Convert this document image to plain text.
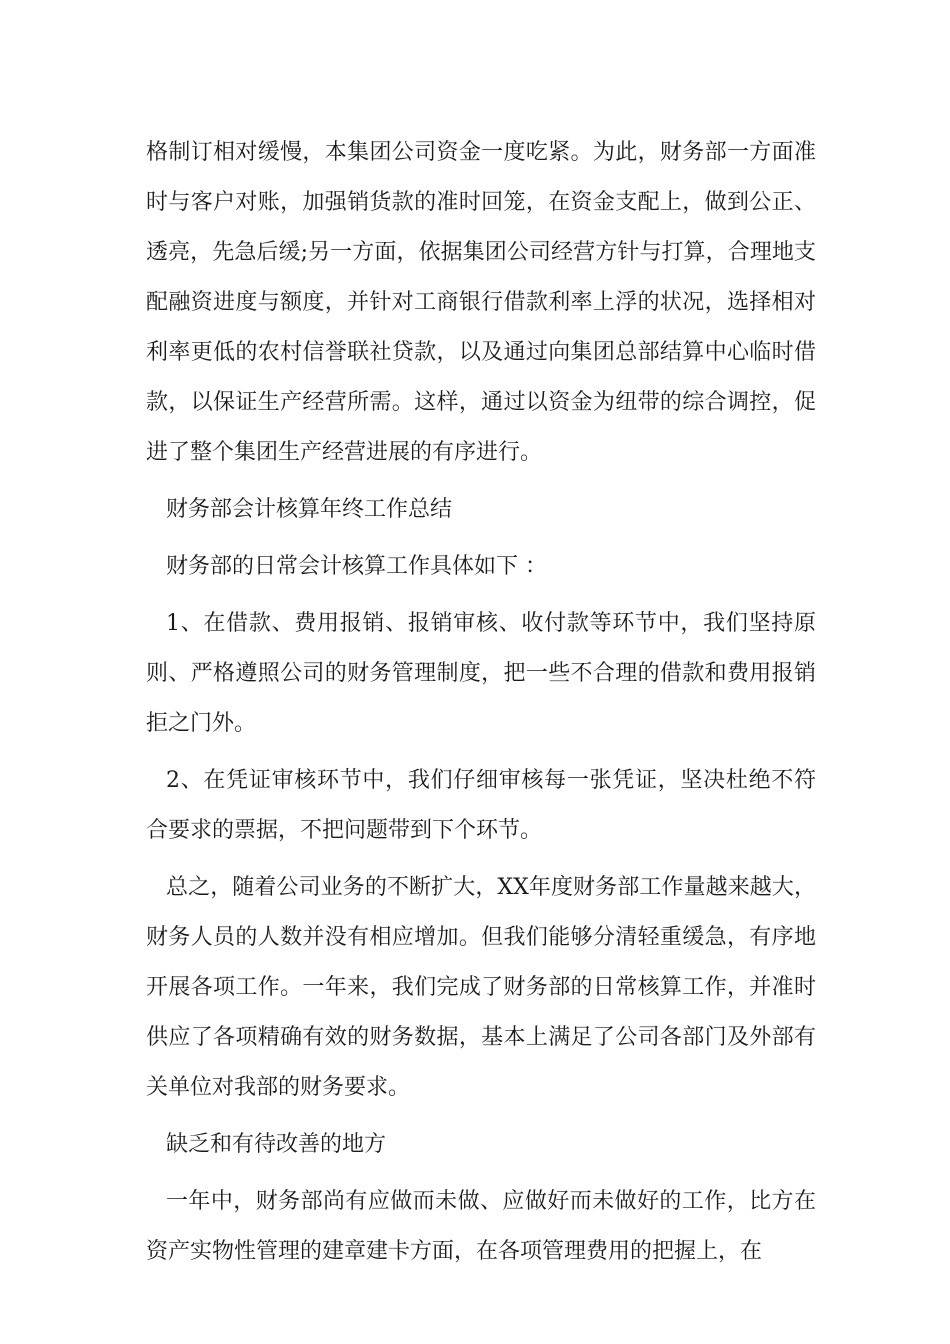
格制订相对缓慢，本集团公司资金一度吃紧。为此，财务部一方面准时与客户对账，加强销货款的准时回笼，在资金支配上，做到公正、透亮，先急后缓;另一方面，依据集团公司经营方针与打算，合理地支配融资进度与额度，并针对工商银行借款利率上浮的状况，选择相对利率更低的农村信誉联社贷款，以及通过向集团总部结算中心临时借款，以保证生产经营所需。这样，通过以资金为纽带的综合调控，促进了整个集团生产经营进展的有序进行。

财务部会计核算年终工作总结

财务部的日常会计核算工作具体如下 ：

1、在借款、费用报销、报销审核、收付款等环节中，我们坚持原则、严格遵照公司的财务管理制度，把一些不合理的借款和费用报销拒之门外。

2、在凭证审核环节中，我们仔细审核每一张凭证，坚决杜绝不符合要求的票据，不把问题带到下个环节。

总之，随着公司业务的不断扩大，XX年度财务部工作量越来越大，财务人员的人数并没有相应增加。但我们能够分清轻重缓急，有序地开展各项工作。一年来，我们完成了财务部的日常核算工作，并准时供应了各项精确有效的财务数据，基本上满足了公司各部门及外部有关单位对我部的财务要求。

缺乏和有待改善的地方

一年中，财务部尚有应做而未做、应做好而未做好的工作，比方在资产实物性管理的建章建卡方面，在各项管理费用的把握上，在
